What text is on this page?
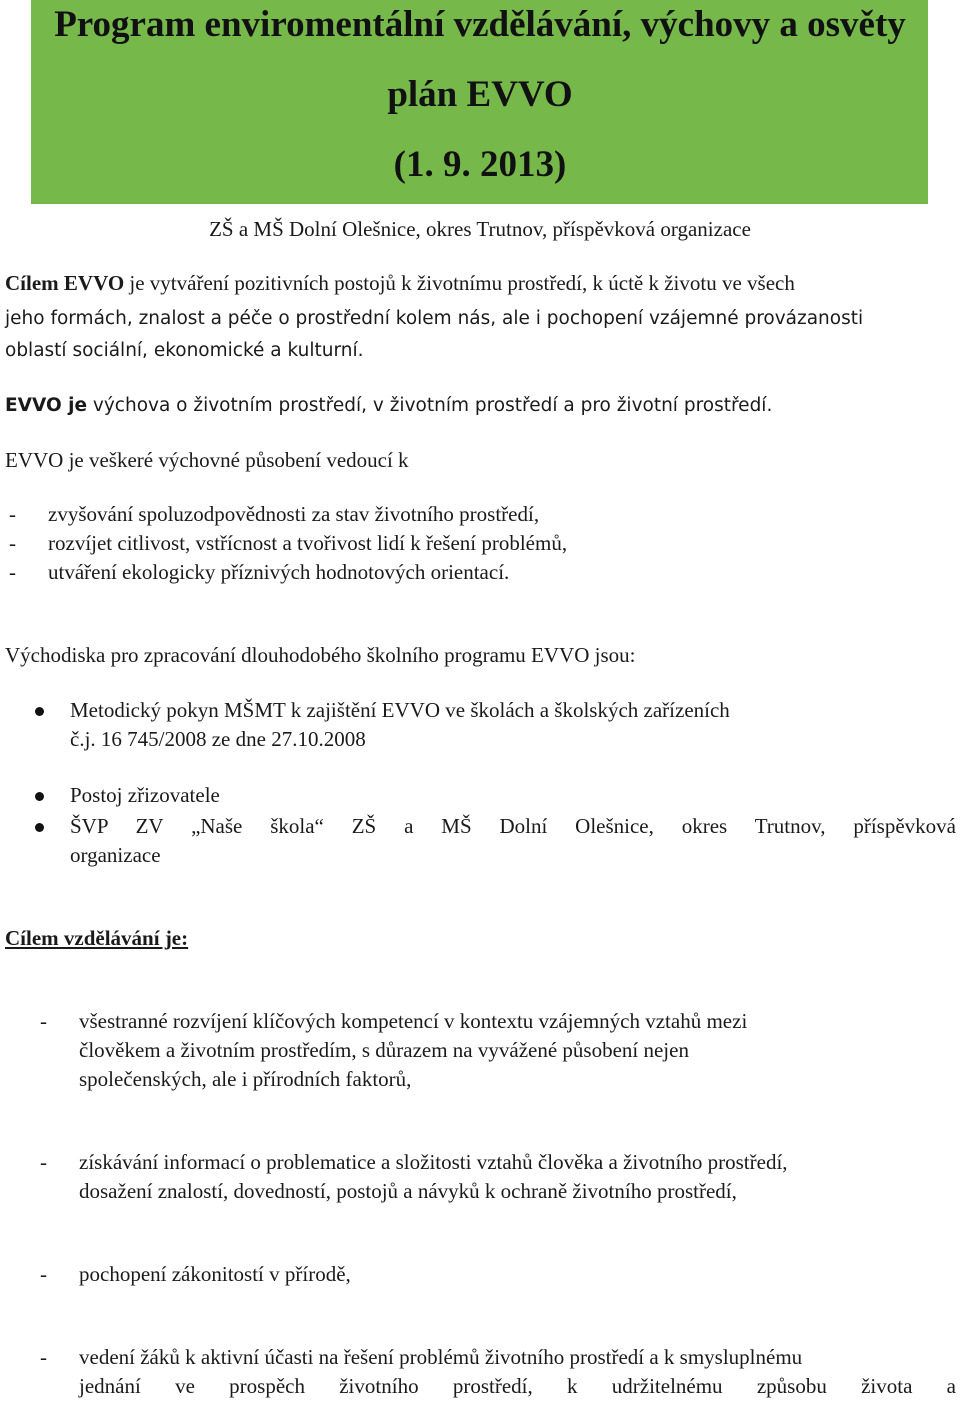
Program enviromentální vzdělávání, výchovy a osvěty
plán EVVO
(1. 9. 2013)
ZŠ a MŠ Dolní Olešnice, okres Trutnov, příspěvková organizace
Cílem EVVO je vytváření pozitivních postojů k životnímu prostředí, k úctě k životu ve všech
jeho formách, znalost a péče o prostřední kolem nás, ale i pochopení vzájemné provázanosti
oblastí sociální, ekonomické a kulturní.
EVVO je výchova o životním prostředí, v životním prostředí a pro životní prostředí.
EVVO je veškeré výchovné působení vedoucí k
- zvyšování spoluzodpovědnosti za stav životního prostředí,
- rozvíjet citlivost, vstřícnost a tvořivost lidí k řešení problémů,
- utváření ekologicky příznivých hodnotových orientací.
Východiska pro zpracování dlouhodobého školního programu EVVO jsou:
Metodický pokyn MŠMT k zajištění EVVO ve školách a školských zařízeních
č.j. 16 745/2008 ze dne 27.10.2008
Postoj zřizovatele
ŠVP ZV „Naše škola“ ZŠ a MŠ Dolní Olešnice, okres Trutnov, příspěvková
organizace
Cílem vzdělávání je:
- všestranné rozvíjení klíčových kompetencí v kontextu vzájemných vztahů mezi
člověkem a životním prostředím, s důrazem na vyvážené působení nejen
společenských, ale i přírodních faktorů,
- získávání informací o problematice a složitosti vztahů člověka a životního prostředí,
dosažení znalostí, dovedností, postojů a návyků k ochraně životního prostředí,
- pochopení zákonitostí v přírodě,
- vedení žáků k aktivní účasti na řešení problémů životního prostředí a k smysluplnému
jednání ve prospěch životního prostředí, k udržitelnému způsobu života a
